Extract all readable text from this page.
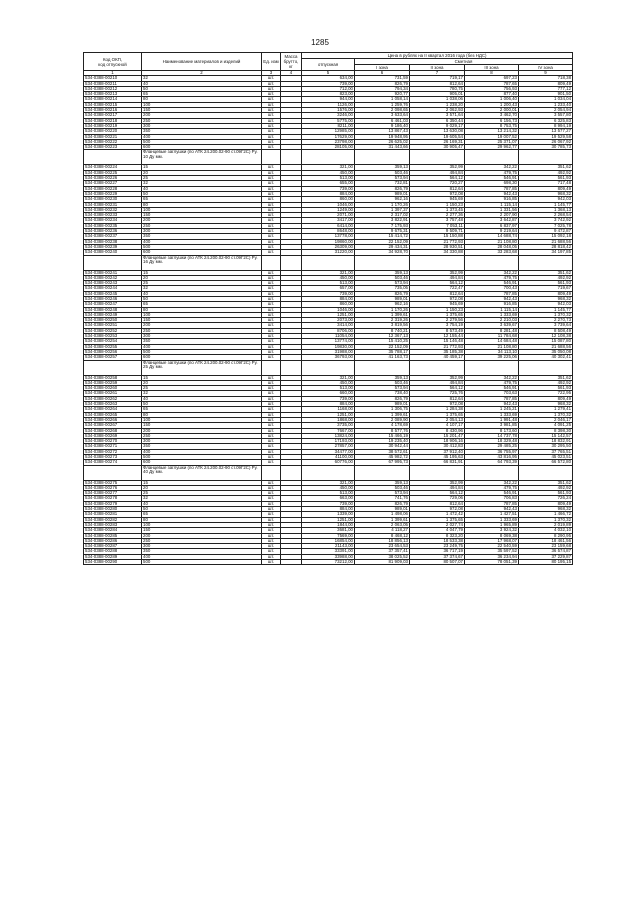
1285
Код ОКП,
код отпускной	Наименование материалов и изделий	Ед. изм	Масса брутто, кг	Цена в рублях на II квартал 2016 года (без НДС)				
				отпускная	Сметная			
					I зона	II зона	III зона	IV зона
1	2	3	4	5	6	7	8	9
534-0388-00210	32	шт.		634,00	731,59	719,17	697,23	718,38
534-0388-00211	40	шт.		739,00	826,79	812,64	787,65	809,49
534-0388-00212	50	шт.		712,00	794,34	780,75	756,93	777,12
534-0388-00213	65	шт.		823,00	920,77	905,01	877,40	901,50
534-0388-00214	80	шт.		944,00	1 058,14	1 038,06	1 006,40	1 034,04
534-0388-00215	100	шт.		1126,00	1 259,76	1 238,20	1 200,43	1 233,40
534-0388-00216	150	шт.		1576,00	2 098,65	2 062,93	2 000,01	2 054,94
534-0388-00217	200	шт.		3246,00	3 633,64	3 571,64	3 462,70	3 557,80
534-0388-00218	250	шт.		5775,00	6 461,03	6 350,44	6 156,73	6 325,83
534-0388-00219	300	шт.		8211,00	9 186,40	9 029,17	8 753,75	8 994,19
534-0388-00220	350	шт.		12985,00	13 867,43	13 630,08	13 214,32	13 577,27
534-0388-00221	400	шт.		17629,00	19 948,95	19 605,54	19 007,52	19 529,58
534-0388-00222	500	шт.		23798,00	26 625,02	26 169,31	25 371,07	26 067,92
534-0388-00223	600	шт.		28105,00	31 443,66	30 905,47	29 962,77	30 785,73
	Фланцевые заглушки (по АТК 24.200.02-90 ст.09Г2С) Ру. 10 Ду мм.							
534-0388-00224	15	шт.		321,00	359,13	352,99	342,22	351,62
534-0388-00225	20	шт.		450,00	503,46	494,84	479,75	492,92
534-0388-00226	25	шт.		513,00	573,94	564,12	546,91	561,93
534-0388-00227	32	шт.		655,00	732,81	720,27	698,30	717,48
534-0388-00228	40	шт.		739,00	826,79	812,64	787,85	809,49
534-0388-00229	50	шт.		884,00	989,01	972,08	942,43	968,32
534-0388-00230	65	шт.		860,00	962,16	945,69	916,85	942,03
534-0388-00231	80	шт.		1046,00	1 170,26	1 150,23	1 115,14	1 145,77
534-0388-00232	100	шт.		1249,00	1 397,37	1 373,45	1 331,56	1 368,13
534-0388-00233	150	шт.		2071,00	2 317,02	2 277,36	2 207,90	2 268,54
534-0388-00234	200	шт.		3417,00	3 822,91	3 757,48	3 642,87	3 742,92
534-0388-00235	250	шт.		6414,00	7 175,93	7 053,11	6 837,97	7 025,78
534-0388-00236	300	шт.		8648,00	9 675,31	9 509,71	9 219,64	9 472,87
534-0388-00237	350	шт.		13778,00	15 414,72	15 150,88	14 688,74	15 092,18
534-0388-00238	400	шт.		19860,00	22 152,09	21 772,93	21 108,80	21 688,56
534-0388-00239	500	шт.		26309,00	29 434,31	28 930,51	28 048,05	28 818,42
534-0388-00240	600	шт.		31220,00	34 928,70	34 330,88	33 283,68	34 197,85
	Фланцевые заглушки (по АТК 24.200.02-90 ст.09Г2С) Ру. 16 Ду мм.							
534-0388-00241	15	шт.		321,00	359,13	352,99	342,22	351,62
534-0388-00242	20	шт.		450,00	503,46	494,84	479,75	492,92
534-0388-00243	25	шт.		513,00	573,94	564,12	546,91	561,93
534-0388-00244	32	шт.		657,00	735,05	722,47	700,43	719,67
534-0388-00245	40	шт.		739,00	826,79	812,64	787,85	809,49
534-0388-00246	50	шт.		884,00	989,01	972,08	942,43	968,32
534-0388-00247	65	шт.		860,00	962,16	945,69	916,85	942,03
534-0388-00248	80	шт.		1046,00	1 170,26	1 150,23	1 115,14	1 145,77
534-0388-00249	100	шт.		1251,00	1 399,61	1 375,65	1 333,69	1 370,32
534-0388-00250	150	шт.		2073,00	2 319,26	2 279,56	2 210,03	2 270,73
534-0388-00251	200	шт.		3414,00	3 819,56	3 754,19	3 639,67	3 739,64
534-0388-00252	250	шт.		8706,00	8 740,21	8 573,49	8 281,48	8 508,49
534-0388-00253	300	шт.		11054,00	12 367,13	12 155,44	11 784,68	12 108,38
534-0388-00254	350	шт.		13774,00	15 410,25	15 146,48	14 684,48	15 087,80
534-0388-00255	400	шт.		19830,00	22 152,09	21 772,93	21 108,80	21 688,56
534-0388-00256	500	шт.		31988,00	35 788,17	35 185,38	34 113,10	35 050,08
534-0388-00257	600	шт.		36793,00	41 163,73	40 459,17	39 225,06	40 302,41
	Фланцевые заглушки (по АТК 24.200.02-90 ст.09Г2С) Ру. 25 Ду мм.							
534-0388-00258	15	шт.		321,00	359,13	352,99	342,22	351,62
534-0388-00259	20	шт.		450,00	503,46	494,84	479,75	492,92
534-0388-00260	25	шт.		513,00	573,94	564,12	546,91	561,93
534-0388-00261	32	шт.		660,00	738,40	725,76	703,63	722,95
534-0388-00262	40	шт.		739,00	826,79	812,64	787,85	809,49
534-0388-00263	50	шт.		884,00	989,01	972,08	942,43	968,32
534-0388-00264	65	шт.		1168,00	1 306,75	1 284,38	1 245,21	1 279,41
534-0388-00265	80	шт.		1251,00	1 399,61	1 375,65	1 333,69	1 370,32
534-0388-00266	100	шт.		1868,00	2 089,90	2 054,13	1 991,48	2 046,17
534-0388-00267	150	шт.		3735,00	4 178,69	4 107,17	3 981,85	4 091,25
534-0388-00268	200	шт.		7667,00	8 577,76	8 430,96	8 173,60	8 398,30
534-0388-00269	250	шт.		13824,00	15 466,19	15 201,47	14 737,78	15 142,57
534-0388-00270	300	шт.		17193,00	19 235,40	18 906,16	18 329,48	18 832,91
534-0388-00271	350	шт.		27857,00	30 942,44	30 412,83	29 485,25	30 295,50
534-0388-00272	400	шт.		34477,00	38 572,61	37 912,40	36 755,97	37 765,51
534-0388-00273	500	шт.		41100,00	45 982,72	45 195,63	43 816,95	45 023,51
534-0388-00274	600	шт.		60776,00	67 995,73	66 831,91	64 793,39	66 572,80
	Фланцевые заглушки (по АТК 24.200.02-90 ст.09Г2С) Ру. 40 Ду мм.							
534-0388-00275	15	шт.		321,00	359,13	352,99	342,22	351,62
534-0388-00276	20	шт.		450,00	503,46	494,84	479,75	492,92
534-0388-00277	25	шт.		513,00	573,94	564,12	546,91	561,93
534-0388-00278	32	шт.		663,00	741,76	729,06	706,83	726,24
534-0388-00279	40	шт.		739,00	826,79	812,64	787,85	809,49
534-0388-00280	50	шт.		884,00	989,01	972,08	942,43	968,32
534-0388-00281	65	шт.		1339,00	1 498,06	1 472,42	1 427,51	1 466,72
534-0388-00282	80	шт.		1251,00	1 399,61	1 375,65	1 333,69	1 370,32
534-0388-00283	100	шт.		1844,00	2 063,05	2 027,74	1 965,89	2 019,89
534-0388-00284	150	шт.		3681,00	4 118,27	4 047,79	3 924,32	4 032,10
534-0388-00285	200	шт.		7569,00	8 468,12	8 323,20	8 069,38	8 290,95
534-0388-00286	250	шт.		16854,00	18 856,13	18 533,38	17 968,07	18 461,56
534-0388-00287	300	шт.		21143,00	23 654,53	23 249,75	22 540,59	23 159,68
534-0388-00288	350	шт.		33391,00	37 357,41	36 717,19	35 597,52	36 574,87
534-0388-00289	400	шт.		33988,00	38 025,52	37 374,67	36 234,94	37 229,87
534-0388-00290	500	шт.		73212,00	81 909,03	80 507,07	78 051,39	80 195,15
